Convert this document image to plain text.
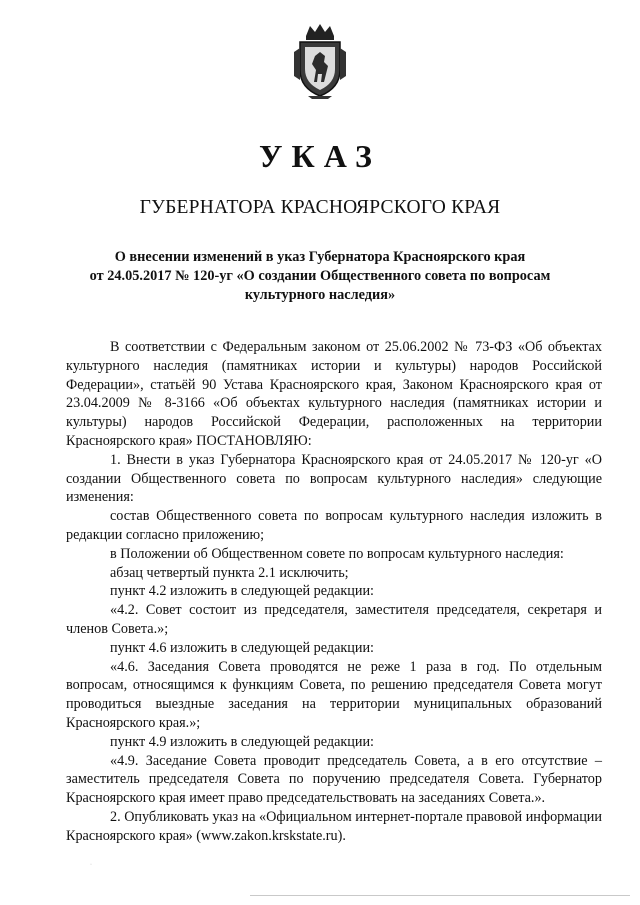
УКАЗ
ГУБЕРНАТОРА КРАСНОЯРСКОГО КРАЯ
О внесении изменений в указ Губернатора Красноярского края
от 24.05.2017 № 120-уг «О создании Общественного совета по вопросам
культурного наследия»

В соответствии с Федеральным законом от 25.06.2002 № 73-ФЗ «Об объектах культурного наследия (памятниках истории и культуры) народов Российской Федерации», статьёй 90 Устава Красноярского края, Законом Красноярского края от 23.04.2009 № 8-3166 «Об объектах культурного наследия (памятниках истории и культуры) народов Российской Федерации, расположенных на территории Красноярского края» ПОСТАНОВЛЯЮ:

1. Внести в указ Губернатора Красноярского края от 24.05.2017 № 120-уг «О создании Общественного совета по вопросам культурного наследия» следующие изменения:

состав Общественного совета по вопросам культурного наследия изложить в редакции согласно приложению;

в Положении об Общественном совете по вопросам культурного наследия:

абзац четвертый пункта 2.1 исключить;

пункт 4.2 изложить в следующей редакции:

«4.2. Совет состоит из председателя, заместителя председателя, секретаря и членов Совета.»;

пункт 4.6 изложить в следующей редакции:

«4.6. Заседания Совета проводятся не реже 1 раза в год. По отдельным вопросам, относящимся к функциям Совета, по решению председателя Совета могут проводиться выездные заседания на территории муниципальных образований Красноярского края.»;

пункт 4.9 изложить в следующей редакции:

«4.9. Заседание Совета проводит председатель Совета, а в его отсутствие – заместитель председателя Совета по поручению председателя Совета. Губернатор Красноярского края имеет право председательствовать на заседаниях Совета.».

2. Опубликовать указ на «Официальном интернет-портале правовой информации Красноярского края» (www.zakon.krskstate.ru).

·
